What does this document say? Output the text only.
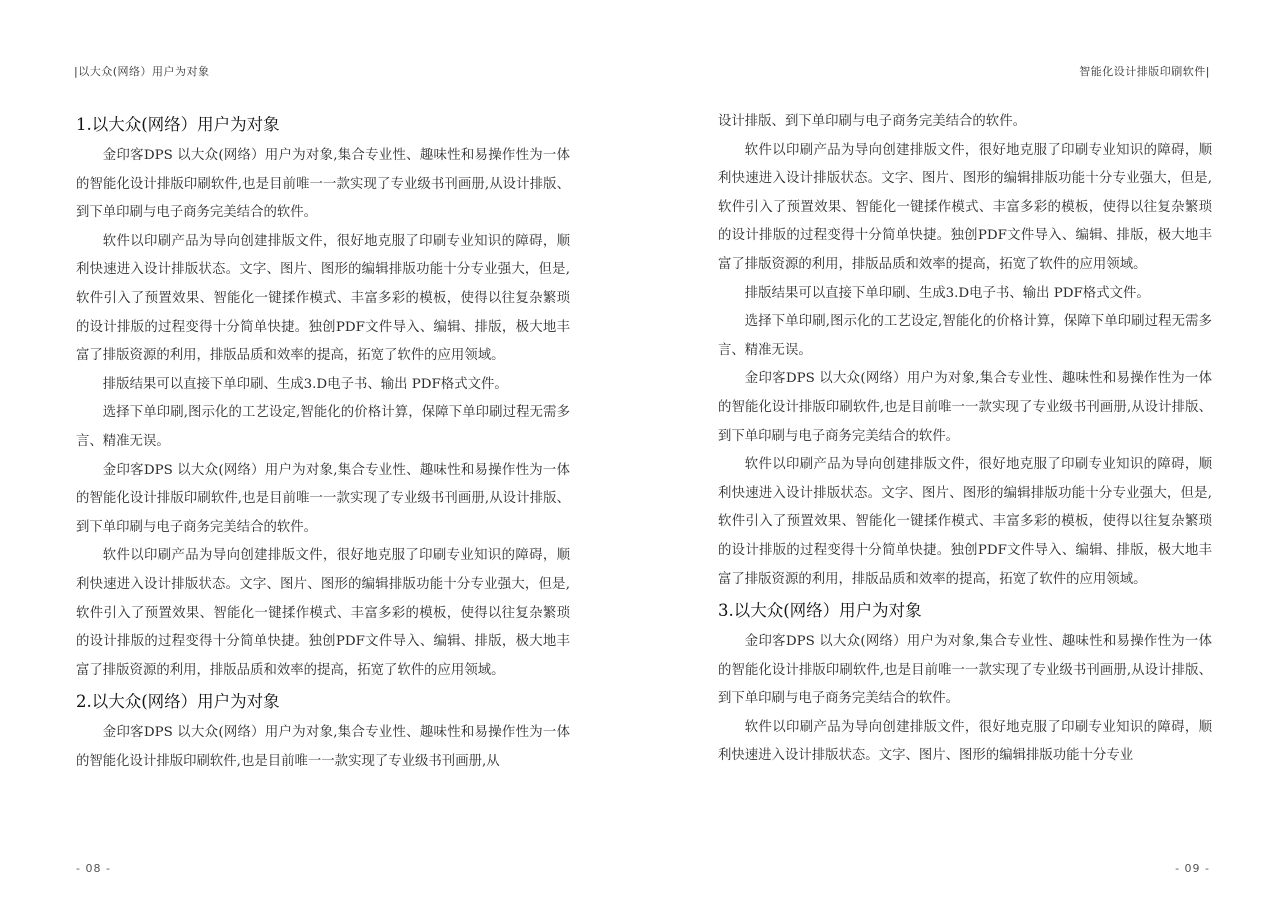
|以大众(网络）用户为对象
1.以大众(网络）用户为对象

金印客DPS 以大众(网络）用户为对象,集合专业性、趣味性和易操作性为一体的智能化设计排版印刷软件,也是目前唯一一款实现了专业级书刊画册,从设计排版、到下单印刷与电子商务完美结合的软件。

软件以印刷产品为导向创建排版文件，很好地克服了印刷专业知识的障碍，顺利快速进入设计排版状态。文字、图片、图形的编辑排版功能十分专业强大，但是,软件引入了预置效果、智能化一键揉作模式、丰富多彩的模板，使得以往复杂繁琐的设计排版的过程变得十分简单快捷。独创PDF文件导入、编辑、排版，极大地丰富了排版资源的利用，排版品质和效率的提高，拓宽了软件的应用领域。

排版结果可以直接下单印刷、生成3.D电子书、输出 PDF格式文件。

选择下单印刷,图示化的工艺设定,智能化的价格计算，保障下单印刷过程无需多言、精准无误。

金印客DPS 以大众(网络）用户为对象,集合专业性、趣味性和易操作性为一体的智能化设计排版印刷软件,也是目前唯一一款实现了专业级书刊画册,从设计排版、到下单印刷与电子商务完美结合的软件。

软件以印刷产品为导向创建排版文件，很好地克服了印刷专业知识的障碍，顺利快速进入设计排版状态。文字、图片、图形的编辑排版功能十分专业强大，但是,软件引入了预置效果、智能化一键揉作模式、丰富多彩的模板，使得以往复杂繁琐的设计排版的过程变得十分简单快捷。独创PDF文件导入、编辑、排版，极大地丰富了排版资源的利用，排版品质和效率的提高，拓宽了软件的应用领域。

2.以大众(网络）用户为对象

金印客DPS 以大众(网络）用户为对象,集合专业性、趣味性和易操作性为一体的智能化设计排版印刷软件,也是目前唯一一款实现了专业级书刊画册,从

- 08 -
智能化设计排版印刷软件|

设计排版、到下单印刷与电子商务完美结合的软件。

软件以印刷产品为导向创建排版文件，很好地克服了印刷专业知识的障碍，顺利快速进入设计排版状态。文字、图片、图形的编辑排版功能十分专业强大，但是,软件引入了预置效果、智能化一键揉作模式、丰富多彩的模板，使得以往复杂繁琐的设计排版的过程变得十分简单快捷。独创PDF文件导入、编辑、排版，极大地丰富了排版资源的利用，排版品质和效率的提高，拓宽了软件的应用领域。

排版结果可以直接下单印刷、生成3.D电子书、输出 PDF格式文件。

选择下单印刷,图示化的工艺设定,智能化的价格计算，保障下单印刷过程无需多言、精准无误。

金印客DPS 以大众(网络）用户为对象,集合专业性、趣味性和易操作性为一体的智能化设计排版印刷软件,也是目前唯一一款实现了专业级书刊画册,从设计排版、到下单印刷与电子商务完美结合的软件。

软件以印刷产品为导向创建排版文件，很好地克服了印刷专业知识的障碍，顺利快速进入设计排版状态。文字、图片、图形的编辑排版功能十分专业强大，但是,软件引入了预置效果、智能化一键揉作模式、丰富多彩的模板，使得以往复杂繁琐的设计排版的过程变得十分简单快捷。独创PDF文件导入、编辑、排版，极大地丰富了排版资源的利用，排版品质和效率的提高，拓宽了软件的应用领域。

3.以大众(网络）用户为对象

金印客DPS 以大众(网络）用户为对象,集合专业性、趣味性和易操作性为一体的智能化设计排版印刷软件,也是目前唯一一款实现了专业级书刊画册,从设计排版、到下单印刷与电子商务完美结合的软件。

软件以印刷产品为导向创建排版文件，很好地克服了印刷专业知识的障碍，顺利快速进入设计排版状态。文字、图片、图形的编辑排版功能十分专业

- 09 -
